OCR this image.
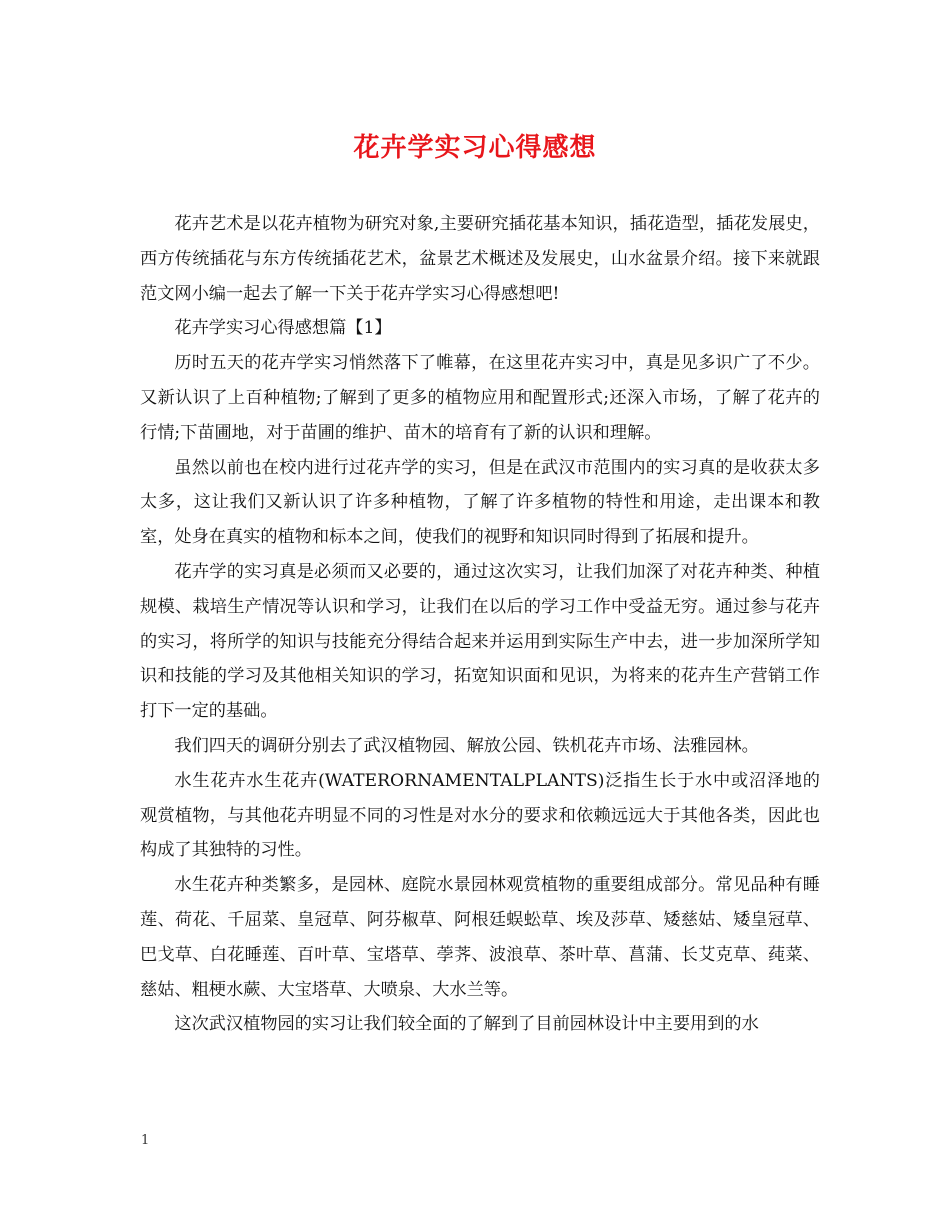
花卉学实习心得感想

花卉艺术是以花卉植物为研究对象,主要研究插花基本知识，插花造型，插花发展史，西方传统插花与东方传统插花艺术，盆景艺术概述及发展史，山水盆景介绍。接下来就跟范文网小编一起去了解一下关于花卉学实习心得感想吧!

花卉学实习心得感想篇【1】

历时五天的花卉学实习悄然落下了帷幕，在这里花卉实习中，真是见多识广了不少。又新认识了上百种植物;了解到了更多的植物应用和配置形式;还深入市场，了解了花卉的行情;下苗圃地，对于苗圃的维护、苗木的培育有了新的认识和理解。

虽然以前也在校内进行过花卉学的实习，但是在武汉市范围内的实习真的是收获太多太多，这让我们又新认识了许多种植物，了解了许多植物的特性和用途，走出课本和教室，处身在真实的植物和标本之间，使我们的视野和知识同时得到了拓展和提升。

花卉学的实习真是必须而又必要的，通过这次实习，让我们加深了对花卉种类、种植规模、栽培生产情况等认识和学习，让我们在以后的学习工作中受益无穷。通过参与花卉的实习，将所学的知识与技能充分得结合起来并运用到实际生产中去，进一步加深所学知识和技能的学习及其他相关知识的学习，拓宽知识面和见识，为将来的花卉生产营销工作打下一定的基础。

我们四天的调研分别去了武汉植物园、解放公园、铁机花卉市场、法雅园林。

水生花卉水生花卉(WATERORNAMENTALPLANTS)泛指生长于水中或沼泽地的观赏植物，与其他花卉明显不同的习性是对水分的要求和依赖远远大于其他各类，因此也构成了其独特的习性。

水生花卉种类繁多，是园林、庭院水景园林观赏植物的重要组成部分。常见品种有睡莲、荷花、千屈菜、皇冠草、阿芬椒草、阿根廷蜈蚣草、埃及莎草、矮慈姑、矮皇冠草、巴戈草、白花睡莲、百叶草、宝塔草、荸荠、波浪草、茶叶草、菖蒲、长艾克草、莼菜、慈姑、粗梗水蕨、大宝塔草、大喷泉、大水兰等。

这次武汉植物园的实习让我们较全面的了解到了目前园林设计中主要用到的水

1
